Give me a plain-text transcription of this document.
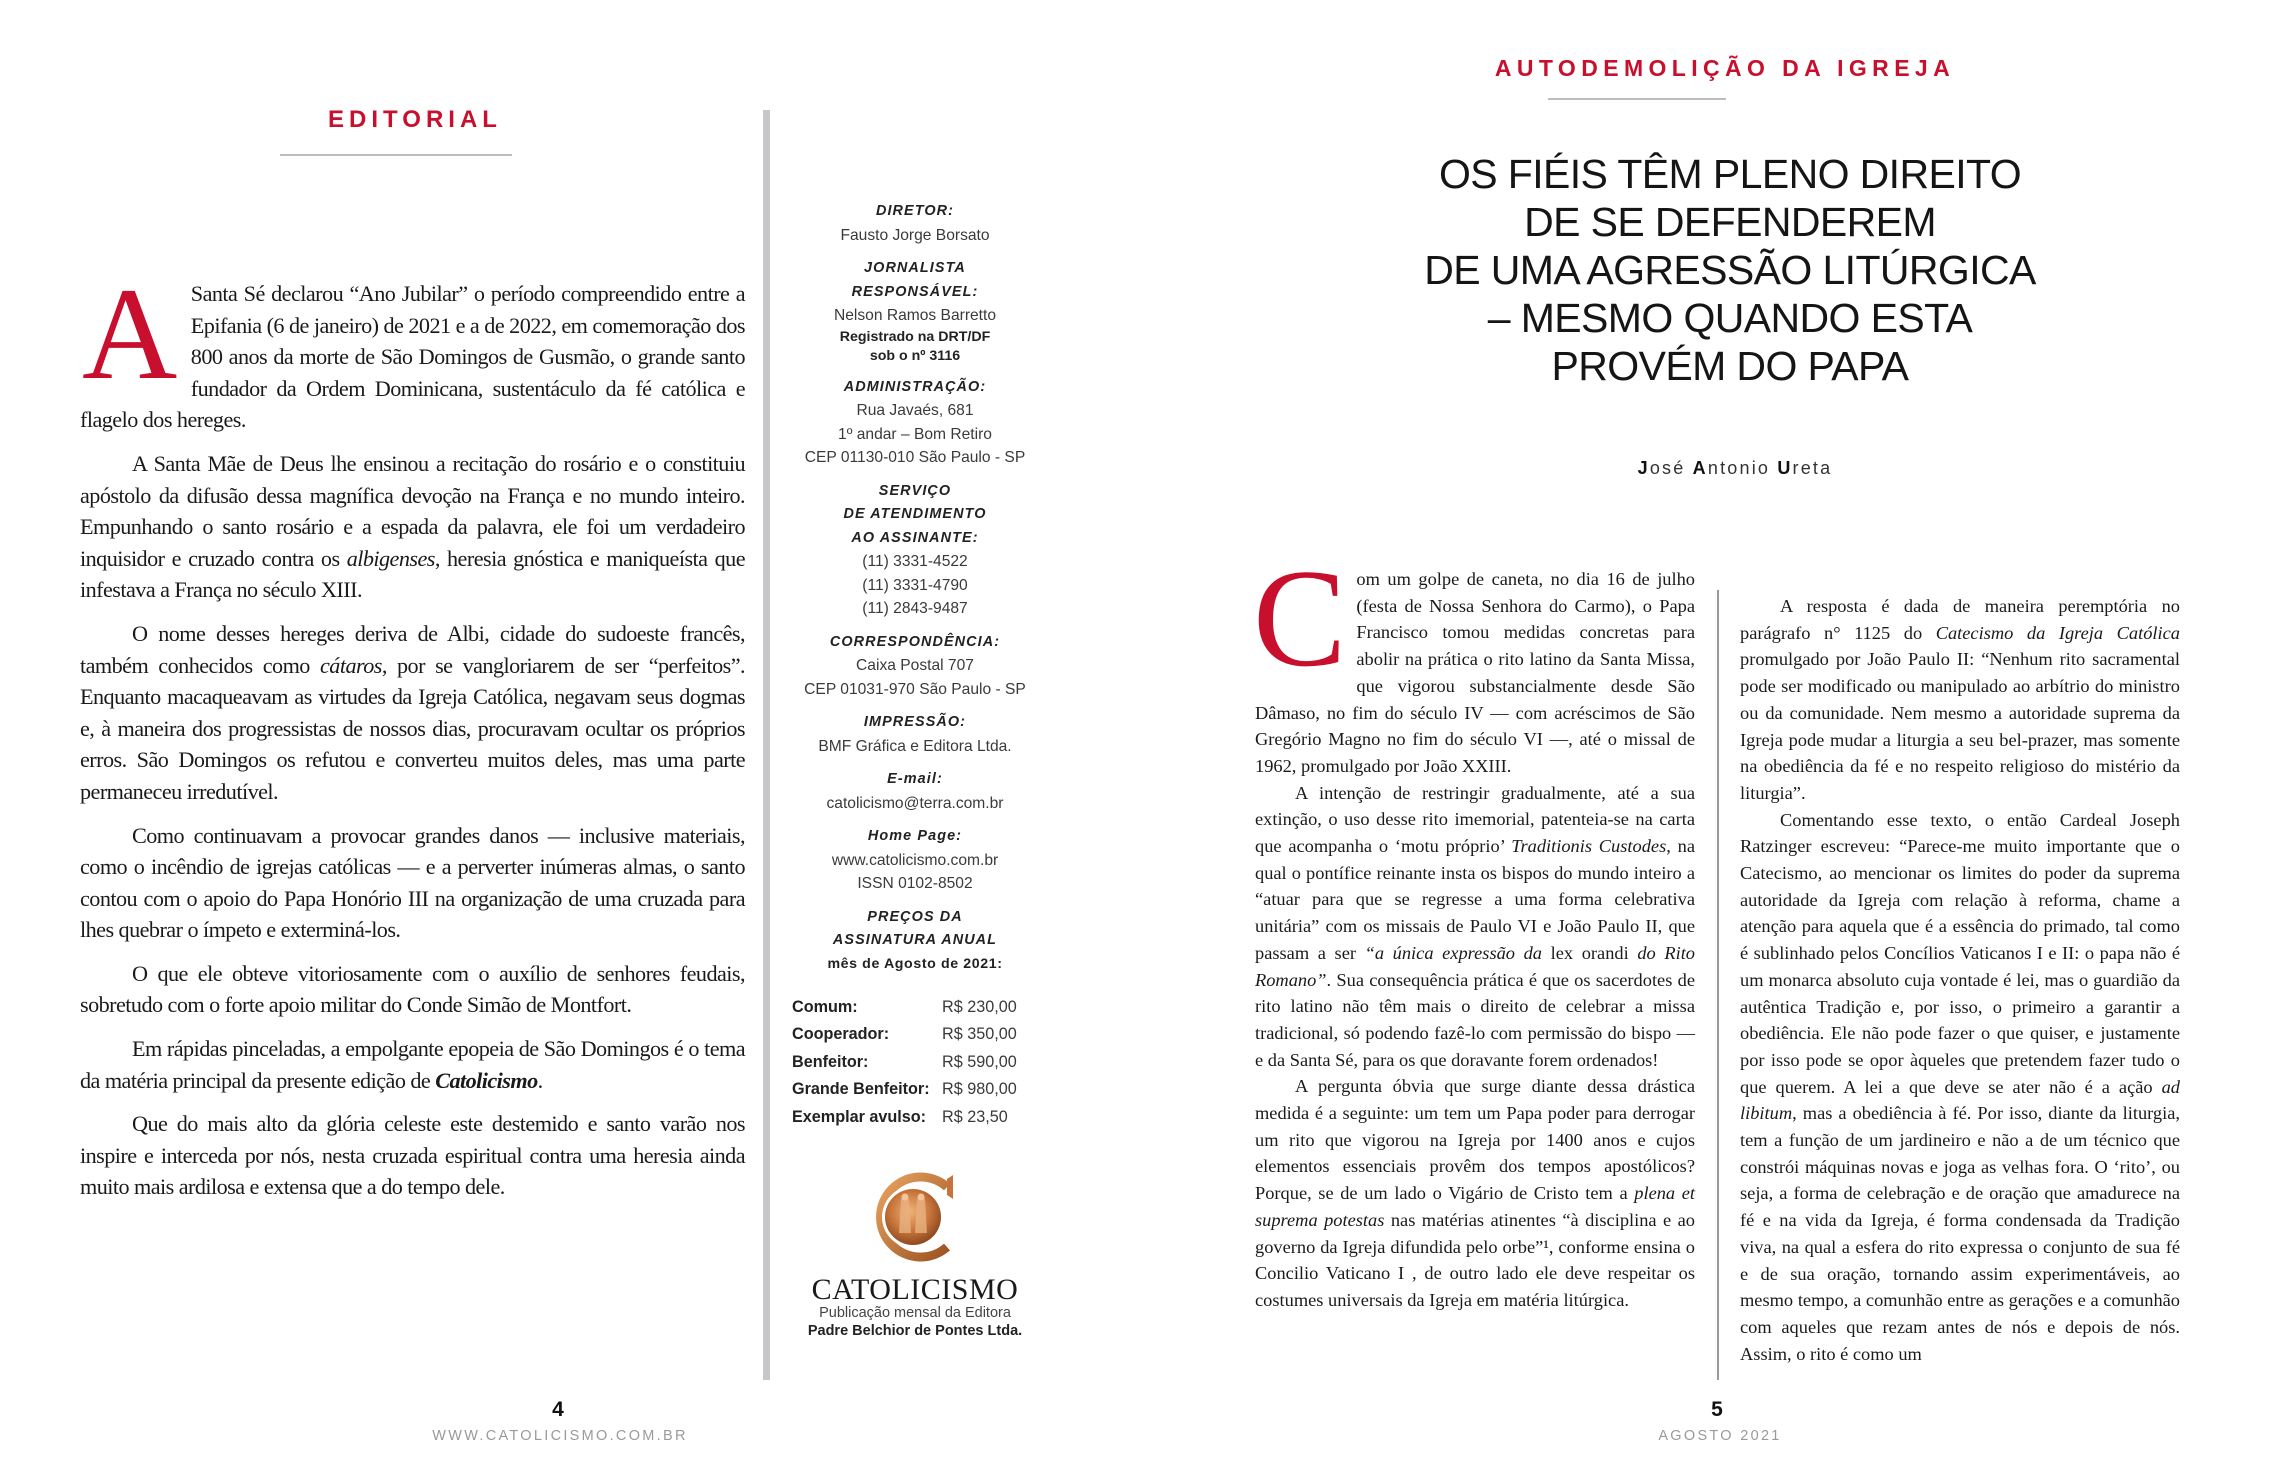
EDITORIAL

A Santa Sé declarou “Ano Jubilar” o período compreendido entre a Epifania (6 de janeiro) de 2021 e a de 2022, em comemoração dos 800 anos da morte de São Domingos de Gusmão, o grande santo fundador da Ordem Dominicana, sustentáculo da fé católica e flagelo dos hereges.

A Santa Mãe de Deus lhe ensinou a recitação do rosário e o constituiu apóstolo da difusão dessa magnífica devoção na França e no mundo inteiro. Empunhando o santo rosário e a espada da palavra, ele foi um verdadeiro inquisidor e cruzado contra os albigenses, heresia gnóstica e maniqueísta que infestava a França no século XIII.

O nome desses hereges deriva de Albi, cidade do sudoeste francês, também conhecidos como cátaros, por se vangloriarem de ser “perfeitos”. Enquanto macaqueavam as virtudes da Igreja Católica, negavam seus dogmas e, à maneira dos progressistas de nossos dias, procuravam ocultar os próprios erros. São Domingos os refutou e converteu muitos deles, mas uma parte permaneceu irredutível.

Como continuavam a provocar grandes danos — inclusive materiais, como o incêndio de igrejas católicas — e a perverter inúmeras almas, o santo contou com o apoio do Papa Honório III na organização de uma cruzada para lhes quebrar o ímpeto e exterminá-los.

O que ele obteve vitoriosamente com o auxílio de senhores feudais, sobretudo com o forte apoio militar do Conde Simão de Montfort.

Em rápidas pinceladas, a empolgante epopeia de São Domingos é o tema da matéria principal da presente edição de Catolicismo.

Que do mais alto da glória celeste este destemido e santo varão nos inspire e interceda por nós, nesta cruzada espiritual contra uma heresia ainda muito mais ardilosa e extensa que a do tempo dele.

DIRETOR:
Fausto Jorge Borsato
JORNALISTA
RESPONSÁVEL:
Nelson Ramos Barretto
Registrado na DRT/DF
sob o nº 3116
ADMINISTRAÇÃO:
Rua Javaés, 681
1º andar – Bom Retiro
CEP 01130-010 São Paulo - SP
SERVIÇO
DE ATENDIMENTO
AO ASSINANTE:
(11) 3331-4522
(11) 3331-4790
(11) 2843-9487
CORRESPONDÊNCIA:
Caixa Postal 707
CEP 01031-970 São Paulo - SP
IMPRESSÃO:
BMF Gráfica e Editora Ltda.
E-mail:
catolicismo@terra.com.br
Home Page:
www.catolicismo.com.br
ISSN 0102-8502
PREÇOS DA
ASSINATURA ANUAL
mês de Agosto de 2021:
Comum:	R$ 230,00
Cooperador:	R$ 350,00
Benfeitor:	R$ 590,00
Grande Benfeitor: R$ 980,00
Exemplar avulso: R$ 23,50
CATOLICISMO
Publicação mensal da Editora
Padre Belchior de Pontes Ltda.
4
WWW.CATOLICISMO.COM.BR
AUTODEMOLIÇÃO DA IGREJA
OS FIÉIS TÊM PLENO DIREITO
DE SE DEFENDEREM
DE UMA AGRESSÃO LITÚRGICA
– MESMO QUANDO ESTA
PROVÉM DO PAPA
José Antonio Ureta

Com um golpe de caneta, no dia 16 de julho (festa de Nossa Senhora do Carmo), o Papa Francisco tomou medidas concretas para abolir na prática o rito latino da Santa Missa, que vigorou substancialmente desde São Dâmaso, no fim do século IV — com acréscimos de São Gregório Magno no fim do século VI —, até o missal de 1962, promulgado por João XXIII.

A intenção de restringir gradualmente, até a sua extinção, o uso desse rito imemorial, patenteia-se na carta que acompanha o ‘motu próprio’ Traditionis Custodes, na qual o pontífice reinante insta os bispos do mundo inteiro a “atuar para que se regresse a uma forma celebrativa unitária” com os missais de Paulo VI e João Paulo II, que passam a ser “a única expressão da lex orandi do Rito Romano”. Sua consequência prática é que os sacerdotes de rito latino não têm mais o direito de celebrar a missa tradicional, só podendo fazê-lo com permissão do bispo — e da Santa Sé, para os que doravante forem ordenados!

A pergunta óbvia que surge diante dessa drástica medida é a seguinte: um tem um Papa poder para derrogar um rito que vigorou na Igreja por 1400 anos e cujos elementos essenciais provêm dos tempos apostólicos? Porque, se de um lado o Vigário de Cristo tem a plena et suprema potestas nas matérias atinentes “à disciplina e ao governo da Igreja difundida pelo orbe”¹, conforme ensina o Concilio Vaticano I , de outro lado ele deve respeitar os costumes universais da Igreja em matéria litúrgica.

A resposta é dada de maneira peremptória no parágrafo n° 1125 do Catecismo da Igreja Católica promulgado por João Paulo II: “Nenhum rito sacramental pode ser modificado ou manipulado ao arbítrio do ministro ou da comunidade. Nem mesmo a autoridade suprema da Igreja pode mudar a liturgia a seu bel-prazer, mas somente na obediência da fé e no respeito religioso do mistério da liturgia”.

Comentando esse texto, o então Cardeal Joseph Ratzinger escreveu: “Parece-me muito importante que o Catecismo, ao mencionar os limites do poder da suprema autoridade da Igreja com relação à reforma, chame a atenção para aquela que é a essência do primado, tal como é sublinhado pelos Concílios Vaticanos I e II: o papa não é um monarca absoluto cuja vontade é lei, mas o guardião da autêntica Tradição e, por isso, o primeiro a garantir a obediência. Ele não pode fazer o que quiser, e justamente por isso pode se opor àqueles que pretendem fazer tudo o que querem. A lei a que deve se ater não é a ação ad libitum, mas a obediência à fé. Por isso, diante da liturgia, tem a função de um jardineiro e não a de um técnico que constrói máquinas novas e joga as velhas fora. O ‘rito’, ou seja, a forma de celebração e de oração que amadurece na fé e na vida da Igreja, é forma condensada da Tradição viva, na qual a esfera do rito expressa o conjunto de sua fé e de sua oração, tornando assim experimentáveis, ao mesmo tempo, a comunhão entre as gerações e a comunhão com aqueles que rezam antes de nós e depois de nós. Assim, o rito é como um

5
AGOSTO 2021
